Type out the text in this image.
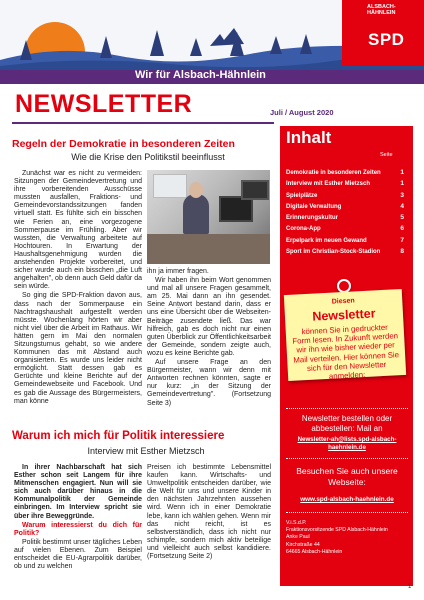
Wir für Alsbach-Hähnlein
ALSBACH-
HÄHNLEIN
SPD
NEWSLETTER	Juli / August 2020
Regeln der Demokratie in besonderen Zeiten
Wie die Krise den Politikstil beeinflusst

Zunächst war es nicht zu vermeiden: Sitzungen der Gemeindevertretung und ihre vorbereitenden Ausschüsse mussten ausfallen, Fraktions- und Gemeindevorstandssitzungen fanden virtuell statt. Es fühlte sich ein bisschen wie Ferien an, eine vorgezogene Sommerpause im Frühling. Aber wir wussten, die Verwaltung arbeitete auf Hochtouren. In Erwartung der Haushaltsgenehmigung wurden die anstehenden Projekte vorbereitet, und sicher wurde auch ein bisschen „die Luft angehalten", ob denn auch Geld dafür da sein würde.

So ging die SPD-Fraktion davon aus, dass nach der Sommerpause ein Nachtragshaushalt aufgestellt werden müsste. Wochenlang hörten wir aber nicht viel über die Arbeit im Rathaus. Wir hätten gern im Mai den normalen Sitzungsturnus gehabt, so wie andere Kommunen das mit Abstand auch organisierten. Es wurde uns leider nicht ermöglicht. Statt dessen gab es Gerüchte und kleine Berichte auf der Gemeindewebseite und Facebook. Und es gab die Aussage des Bürgermeisters, man könne

ihn ja immer fragen.

Wir haben ihn beim Wort genommen und mal all unsere Fragen gesammelt, am 25. Mai dann an ihn gesendet. Seine Antwort bestand darin, dass er uns eine Übersicht über die Webseiten-Beiträge zusendete ließ. Das war hilfreich, gab es doch nicht nur einen guten Überblick zur Öffentlichkeitsarbeit der Gemeinde, sondern zeigte auch, wozu es keine Berichte gab.

Auf unsere Frage an den Bürgermeister, wann wir denn mit Antworten rechnen könnten, sagte er nur kurz: „in der Sitzung der Gemeindevertretung". (Fortsetzung Seite 3)

Warum ich mich für Politik interessiere
Interview mit Esther Mietzsch

In ihrer Nachbarschaft hat sich Esther schon seit Langem für ihre Mitmenschen engagiert. Nun will sie sich auch darüber hinaus in die Kommunalpolitik der Gemeinde einbringen. Im Interview spricht sie über ihre Beweggründe.

Warum interessierst du dich für Politik?

Politik bestimmt unser tägliches Leben auf vielen Ebenen. Zum Beispiel entscheidet die EU-Agrarpolitik darüber, ob und zu welchen

Preisen ich bestimmte Lebensmittel kaufen kann. Wirtschafts- und Umweltpolitik entscheiden darüber, wie die Welt für uns und unsere Kinder in den nächsten Jahrzehnten aussehen wird. Wenn ich in einer Demokratie lebe, kann ich wählen gehen. Wenn mir das nicht reicht, ist es selbstverständlich, dass ich nicht nur schimpfe, sondern mich aktiv beteilige und vielleicht auch selbst kandidiere. (Fortsetzung Seite 2)

Inhalt
Seite
Demokratie in besonderen Zeiten	1
Interview mit Esther Mietzsch	1
Spielplätze	3
Digitale Verwaltung	4
Erinnerungskultur	5
Corona-App	6
Erpelpark im neuen Gewand	7
Sport im Christian-Stock-Stadion	8
Diesen
Newsletter
können Sie in gedruckter Form lesen. In Zukunft werden wir ihn wie bisher wieder per Mail verteilen. Hier können Sie sich für den Newsletter anmelden:
Newsletter bestellen oder abbestellen: Mail an
Newsletter-ah@lists.spd-alsbach-haehnlein.de
Besuchen Sie auch unsere Webseite:
www.spd-alsbach-haehnlein.de
V.i.S.d.P.
Fraktionsvorsitzende SPD Alsbach-Hähnlein
Anke Paul
Kirchstraße 44
64665 Alsbach-Hähnlein
1
